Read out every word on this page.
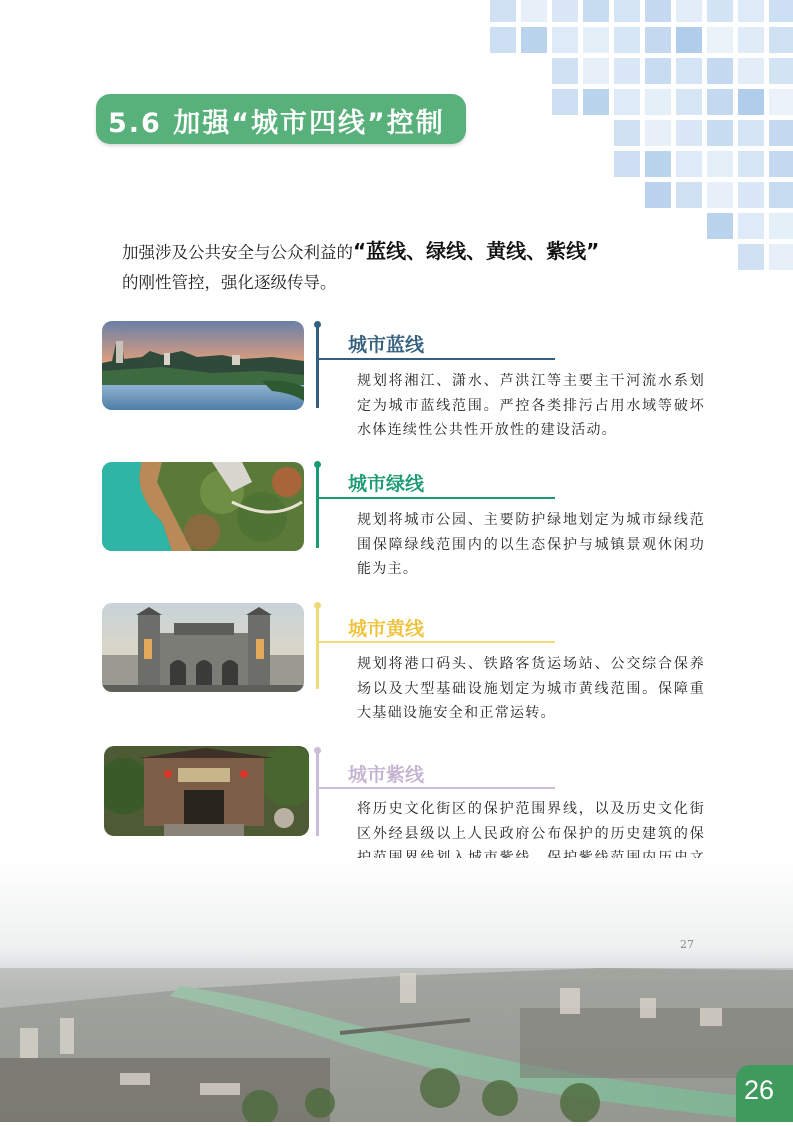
5.6 加强“城市四线”控制
加强涉及公共安全与公众利益的“蓝线、绿线、黄线、紫线”
的刚性管控，强化逐级传导。
城市蓝线
规划将湘江、潇水、芦洪江等主要主干河流水系划定为城市蓝线范围。严控各类排污占用水域等破坏水体连续性公共性开放性的建设活动。
城市绿线
规划将城市公园、主要防护绿地划定为城市绿线范围保障绿线范围内的以生态保护与城镇景观休闲功能为主。
城市黄线
规划将港口码头、铁路客货运场站、公交综合保养场以及大型基础设施划定为城市黄线范围。保障重大基础设施安全和正常运转。
城市紫线
将历史文化街区的保护范围界线，以及历史文化街区外经县级以上人民政府公布保护的历史建筑的保
27
26
